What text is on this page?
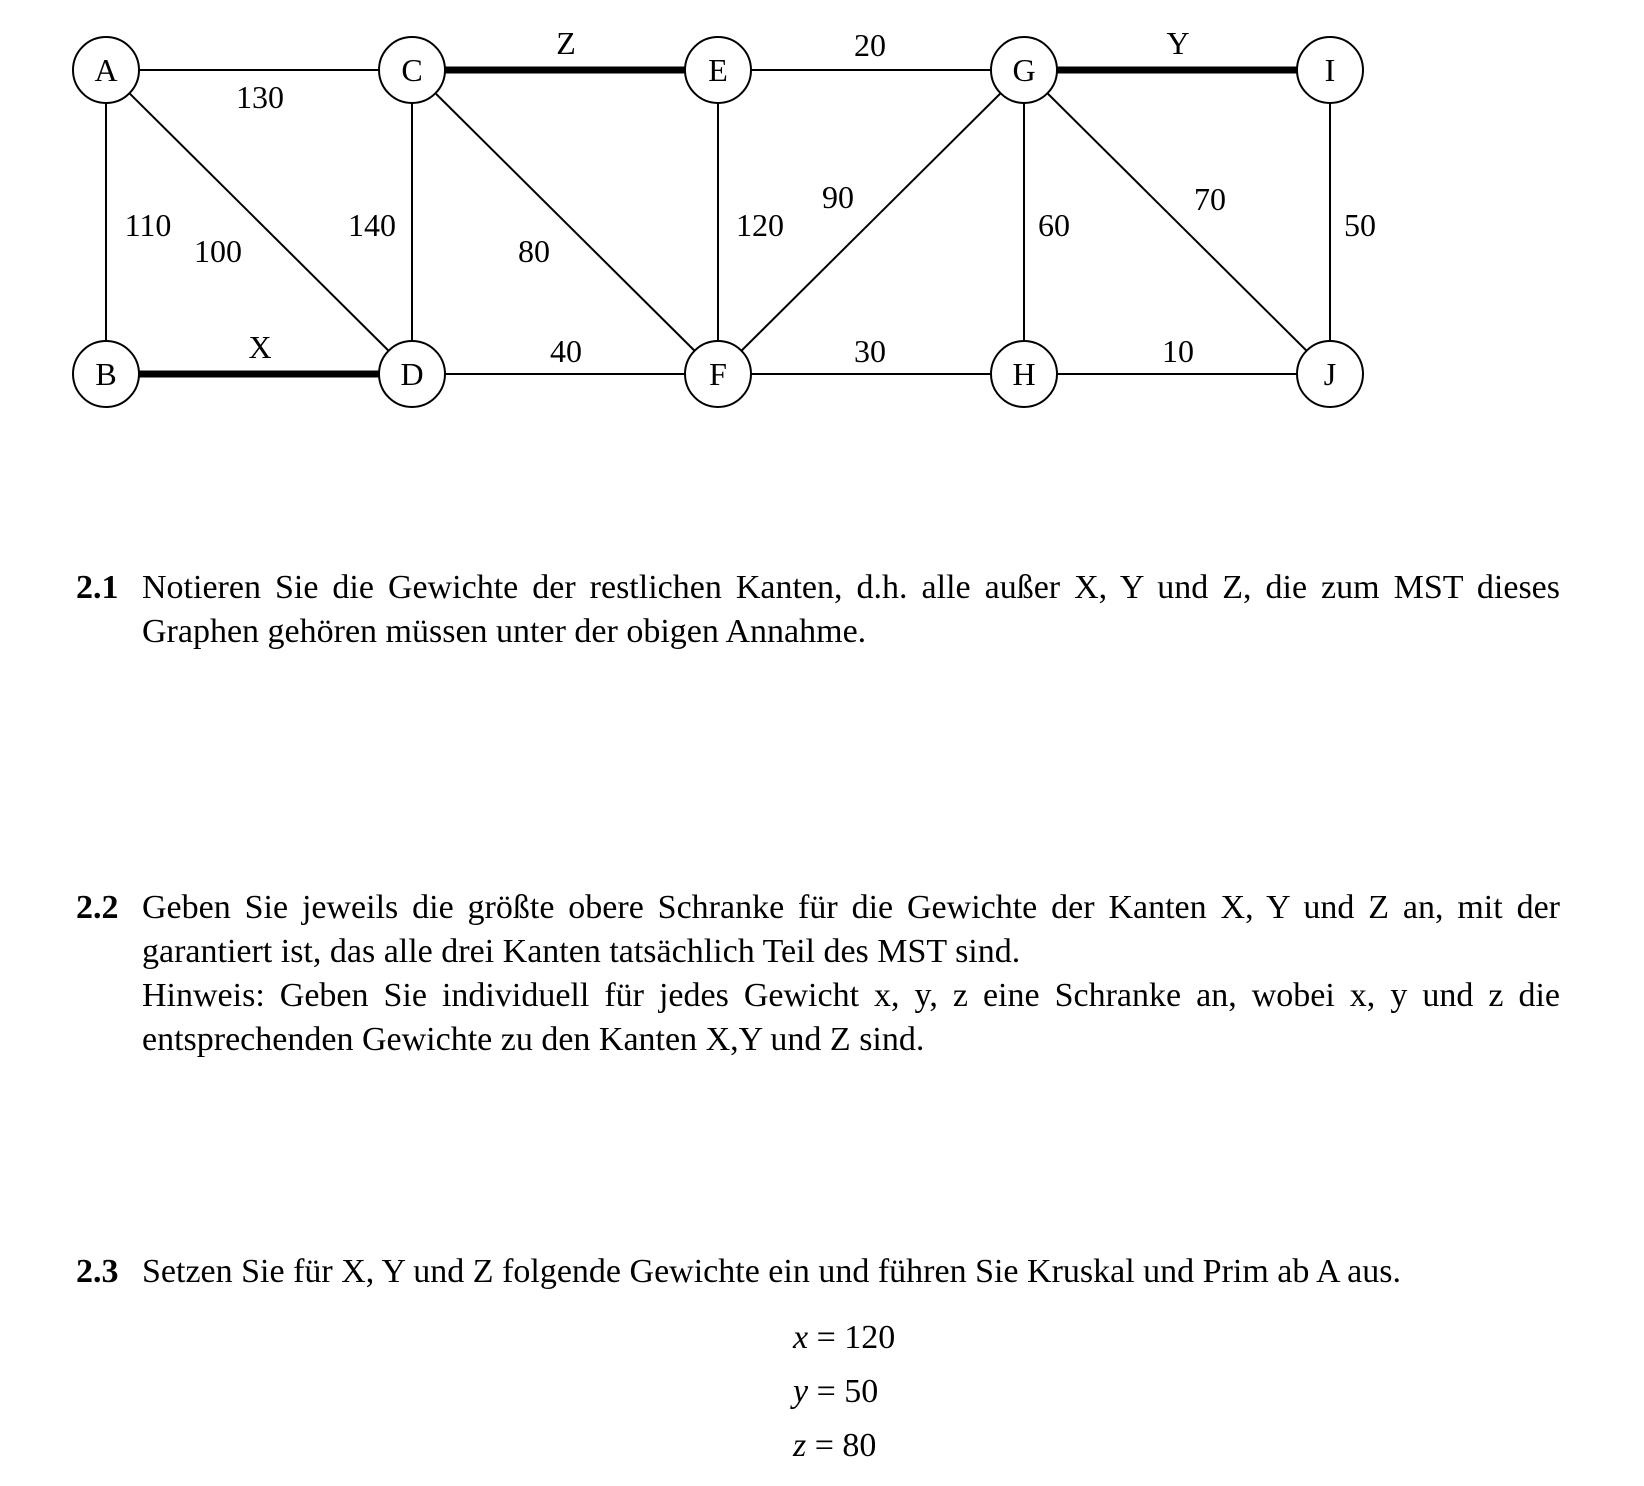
130
110
100
140
Z
80
X	40
20
120
90
30
Y
60
70
50
10
A
B
C
D
E
F
G
H
I
J
2.1 Notieren Sie die Gewichte der restlichen Kanten, d.h. alle außer X, Y und Z, die zum MST dieses Graphen gehören müssen unter der obigen Annahme.

2.2 Geben Sie jeweils die größte obere Schranke für die Gewichte der Kanten X, Y und Z an, mit der garantiert ist, das alle drei Kanten tatsächlich Teil des MST sind.

Hinweis: Geben Sie individuell für jedes Gewicht x, y, z eine Schranke an, wobei x, y und z die entsprechenden Gewichte zu den Kanten X,Y und Z sind.

2.3 Setzen Sie für X, Y und Z folgende Gewichte ein und führen Sie Kruskal und Prim ab A aus.

x = 120
y = 50
z = 80
